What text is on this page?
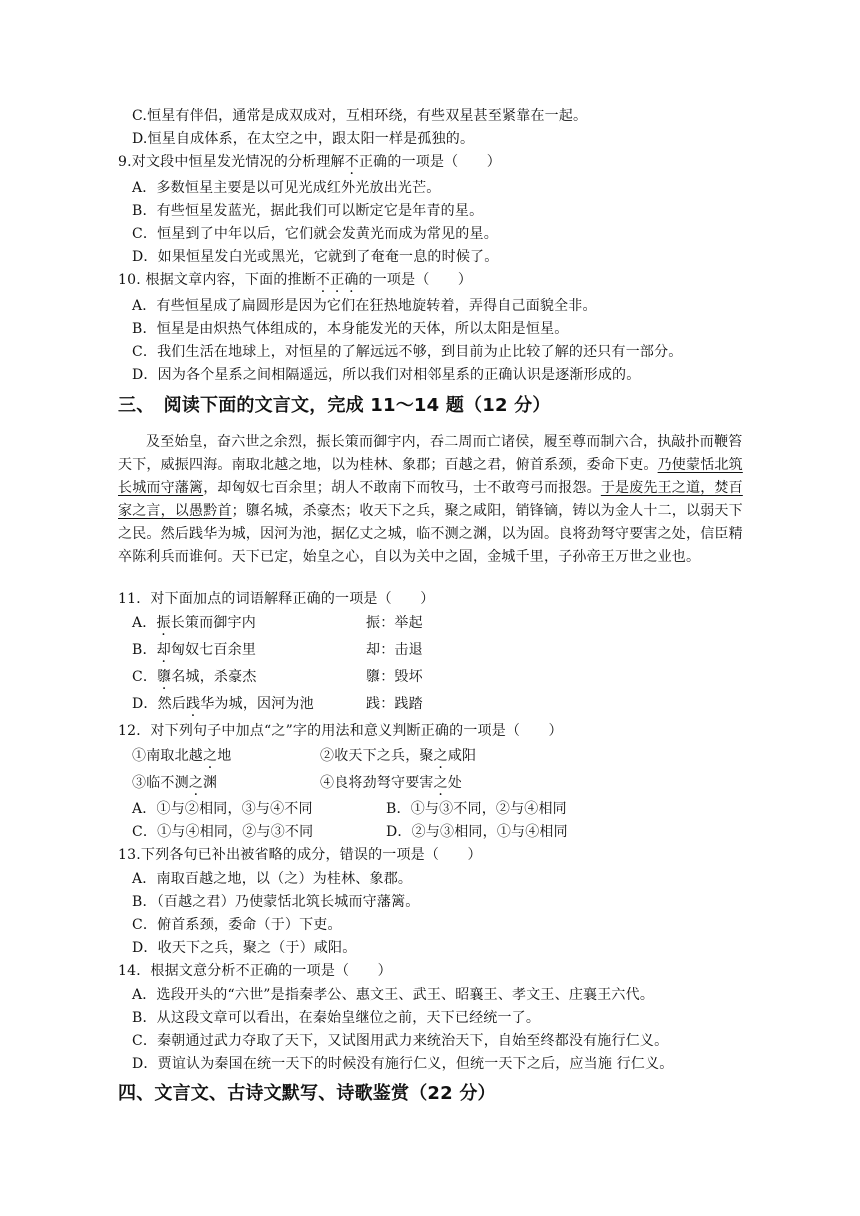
C.恒星有伴侣，通常是成双成对，互相环绕，有些双星甚至紧靠在一起。
D.恒星自成体系，在太空之中，跟太阳一样是孤独的。
9.对文段中恒星发光情况的分析理解不正确的一项是（　　）
A．多数恒星主要是以可见光成红外光放出光芒。
B．有些恒星发蓝光，据此我们可以断定它是年青的星。
C．恒星到了中年以后，它们就会发黄光而成为常见的星。
D．如果恒星发白光或黑光，它就到了奄奄一息的时候了。
10. 根据文章内容，下面的推断不正确的一项是（　　）
A．有些恒星成了扁圆形是因为它们在狂热地旋转着，弄得自己面貌全非。
B．恒星是由炽热气体组成的，本身能发光的天体，所以太阳是恒星。
C．我们生活在地球上，对恒星的了解远远不够，到目前为止比较了解的还只有一部分。
D．因为各个星系之间相隔遥远，所以我们对相邻星系的正确认识是逐渐形成的。
三、　阅读下面的文言文，完成 11～14 题（12 分）
及至始皇，奋六世之余烈，振长策而御宇内，吞二周而亡诸侯，履至尊而制六合，执敲扑而鞭笞天下，威振四海。南取北越之地，以为桂林、象郡；百越之君，俯首系颈，委命下吏。乃使蒙恬北筑长城而守藩篱，却匈奴七百余里；胡人不敢南下而牧马，士不敢弯弓而报怨。于是废先王之道，焚百家之言，以愚黔首；隳名城，杀豪杰；收天下之兵，聚之咸阳，销锋镝，铸以为金人十二，以弱天下之民。然后践华为城，因河为池，据亿丈之城，临不测之渊，以为固。良将劲弩守要害之处，信臣精卒陈利兵而谁何。天下已定，始皇之心，自以为关中之固，金城千里，子孙帝王万世之业也。
11．对下面加点的词语解释正确的一项是（　　）
A．振长策而御宇内	振：举起
B．却匈奴七百余里	却：击退
C．隳名城，杀豪杰	隳：毁坏
D．然后践华为城，因河为池	践：践踏
12．对下列句子中加点“之”字的用法和意义判断正确的一项是（　　）
①南取北越之地	②收天下之兵，聚之咸阳
③临不测之渊	④良将劲弩守要害之处
A．①与②相同，③与④不同	B．①与③不同，②与④相同
C．①与④相同，②与③不同	D．②与③相同，①与④相同
13.下列各句已补出被省略的成分，错误的一项是（　　）
A．南取百越之地，以（之）为桂林、象郡。
B．（百越之君）乃使蒙恬北筑长城而守藩篱。
C．俯首系颈，委命（于）下吏。
D．收天下之兵，聚之（于）咸阳。
14．根据文意分析不正确的一项是（　　）
A．选段开头的“六世”是指秦孝公、惠文王、武王、昭襄王、孝文王、庄襄王六代。
B．从这段文章可以看出，在秦始皇继位之前，天下已经统一了。
C．秦朝通过武力夺取了天下，又试图用武力来统治天下，自始至终都没有施行仁义。
D．贾谊认为秦国在统一天下的时候没有施行仁义，但统一天下之后，应当施 行仁义。
四、文言文、古诗文默写、诗歌鉴赏（22 分）
